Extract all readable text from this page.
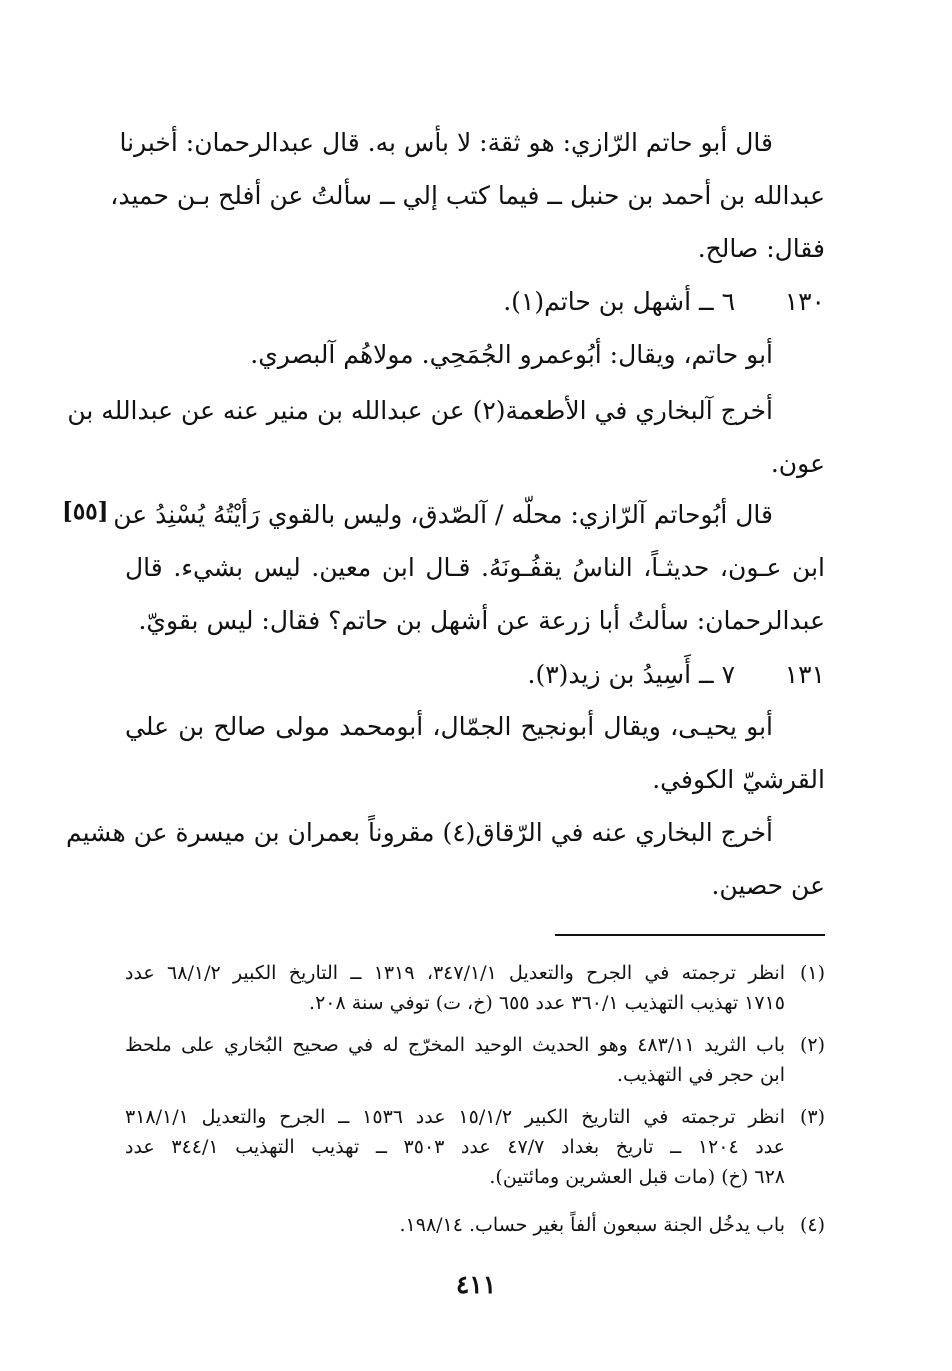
قال أبو حاتم الرّازي: هو ثقة: لا بأس به. قال عبدالرحمان: أخبرنا
عبدالله بن أحمد بن حنبل ــ فيما كتب إلي ــ سألتُ عن أفلح بـن حميد،
فقال: صالح.
١٣٠٦ ــ أشهل بن حاتم(١).
أبو حاتم، ويقال: أبُوعمرو الجُمَحِي. مولاهُم آلبصري.
أخرج آلبخاري في الأطعمة(٢) عن عبدالله بن منير عنه عن عبدالله بن
عون.
قال أبُوحاتم آلرّازي: محلّه / آلصّدق، وليس بالقوي رَأيْتُهُ يُسْنِدُ عن
ابن عـون، حديثـاً، الناسُ يقفُـونَهُ. قـال ابن معين. ليس بشيء. قال
عبدالرحمان: سألتُ أبا زرعة عن أشهل بن حاتم؟ فقال: ليس بقويّ.
١٣١٧ ــ أَسِيدُ بن زيد(٣).
أبو يحيـى، ويقال أبونجيح الجمّال، أبومحمد مولى صالح بن علي
القرشيّ الكوفي.
أخرج البخاري عنه في الرّقاق(٤) مقروناً بعمران بن ميسرة عن هشيم
عن حصين.
[٥٥]
(١)
انظر ترجمته في الجرح والتعديل ٣٤٧/١/١، ١٣١٩ ــ التاريخ الكبير ٦٨/١/٢ عدد
١٧١٥ تهذيب التهذيب ٣٦٠/١ عدد ٦٥٥ (خ، ت) توفي سنة ٢٠٨.
(٢)
باب الثريد ٤٨٣/١١ وهو الحديث الوحيد المخرّج له في صحيح البُخاري على ملحظ
ابن حجر في التهذيب.
(٣)
انظر ترجمته في التاريخ الكبير ١٥/١/٢ عدد ١٥٣٦ ــ الجرح والتعديل ٣١٨/١/١
عدد ١٢٠٤ ــ تاريخ بغداد ٤٧/٧ عدد ٣٥٠٣ ــ تهذيب التهذيب ٣٤٤/١ عدد
٦٢٨ (خ) (مات قبل العشرين ومائتين).
(٤)
باب يدخُل الجنة سبعون ألفاً بغير حساب. ١٩٨/١٤.
٤١١
